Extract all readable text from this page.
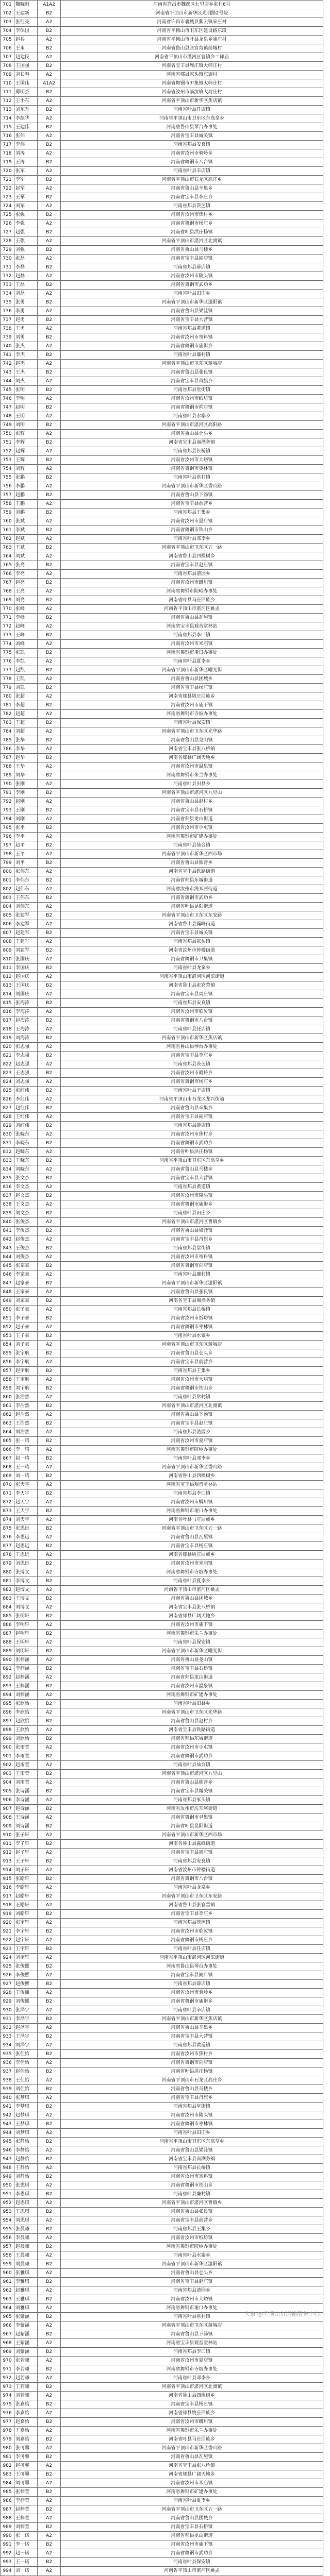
701	魏晓刚	A1A2	河南省许昌市魏都区七里店乡张村6号
702	王建新	B2	河南省平顶山市新华区光明路2号院
703	张红亮	A2	河南省许昌市襄城县紫云镇宋庄村
704	李保国	B2	河南省平顶山市卫东区建设路东段
705	赵兵	A2	河南省平顶山市叶县龙泉乡庙庄村
706	王永	B2	河南省鲁山县张官营镇前城村
707	赵建民	A2	河南省平顶山市湛河区曹镇乡二郎庙
708	王国强	B2	河南省宝丰县周庄镇大韩庄村
709	刘长春	A2	河南省郏县冢头镇东街村
710	王国伟	A1A2	河南省舞钢市尹集镇大韩庄村
711	郑明杰	B2	河南省汝州市临汝镇大周庄村
712	王小东	A2	河南省平顶山市新华区焦店镇
713	刘东升	B2	河南省叶县任店镇
714	李振华	A2	河南省平顶山市卫东区东高皇乡
715	王建伟	B2	河南省鲁山县琴台办事处
716	张伟	A2	河南省宝丰县城关镇
717	李伟	B2	河南省郏县安良镇
718	刘涛	A2	河南省汝州市骑岭乡
719	王涛	B2	河南省舞钢市八台镇
720	张军	A2	河南省叶县辛店镇
721	李军	B2	河南省平顶山市石龙区高庄乡
722	赵军	A2	河南省鲁山县辛集乡
723	王军	B2	河南省宝丰县李庄乡
724	刘军	A2	河南省郏县茨芭镇
725	张强	B2	河南省汝州市焦村乡
726	李强	A2	河南省舞钢市杨庄乡
727	赵强	B2	河南省叶县洪庄杨镇
728	王强	A2	河南省平顶山市湛河区北渡镇
729	刘强	B2	河南省鲁山县马楼乡
730	张磊	A2	河南省宝丰县闹店镇
731	李磊	B2	河南省郏县薛店镇
732	赵磊	A2	河南省汝州市陵头镇
733	王磊	B2	河南省舞钢市武功乡
734	刘磊	A2	河南省叶县田庄乡
735	张勇	B2	河南省平顶山市新华区滍阳镇
736	李勇	A2	河南省鲁山县梁洼镇
737	赵勇	B2	河南省宝丰县大营镇
738	王勇	A2	河南省郏县黄道镇
739	刘勇	B2	河南省汝州市寄料镇
740	张杰	A2	河南省舞钢市庙街乡
741	李杰	B2	河南省叶县廉村镇
742	赵杰	A2	河南省平顶山市卫东区蒲城店
743	王杰	B2	河南省鲁山县张良镇
744	刘杰	A2	河南省宝丰县肖旗乡
745	张明	B2	河南省郏县堂街镇
746	李明	A2	河南省汝州市纸坊镇
747	赵明	B2	河南省舞钢市尚店镇
748	王明	A2	河南省叶县水寨乡
749	刘明	B2	河南省平顶山市湛河区高阳路
750	张辉	A2	河南省鲁山县仓头乡
751	李辉	B2	河南省宝丰县商酒务镇
752	赵辉	A2	河南省郏县长桥镇
753	王辉	B2	河南省汝州市大峪镇
754	刘辉	A2	河南省舞钢市枣林镇
755	张鹏	B2	河南省叶县常村镇
756	李鹏	A2	河南省平顶山市新华区香山路
757	赵鹏	B2	河南省鲁山县下汤镇
758	王鹏	A2	河南省宝丰县前营乡
759	刘鹏	B2	河南省郏县王集乡
760	张斌	A2	河南省汝州市夏店镇
761	李斌	B2	河南省舞钢市铁山乡
762	赵斌	A2	河南省叶县邓李乡
763	王斌	B2	河南省平顶山市卫东区五一路
764	刘斌	A2	河南省鲁山县四棵树乡
765	张亮	B2	河南省宝丰县赵庄镇
766	李亮	A2	河南省郏县渣园乡
767	赵亮	B2	河南省汝州市蟒川镇
768	王亮	A2	河南省舞钢市院岭办事处
769	刘亮	B2	河南省叶县马庄回族乡
770	张峰	A2	河南省平顶山市湛河区姚孟
771	李峰	B2	河南省鲁山县瓦屋镇
772	赵峰	A2	河南省宝丰县观音堂林站
773	王峰	B2	河南省郏县李口镇
774	刘峰	A2	河南省汝州市米庙镇
775	张凯	B2	河南省舞钢市垭口办事处
776	李凯	A2	河南省叶县夏李乡
777	赵凯	B2	河南省平顶山市新华区曙光街
778	王凯	A2	河南省鲁山县团城乡
779	刘凯	B2	河南省宝丰县杨庄镇
780	张超	A2	河南省郏县姚庄回族乡
781	李超	B2	河南省汝州市庙下镇
782	赵超	A2	河南省舞钢市寺坡办事处
783	王超	B2	河南省叶县保安镇
784	刘超	A2	河南省平顶山市卫东区光华路
785	张华	B2	河南省鲁山县尧山镇
786	李华	A2	河南省宝丰县张八桥镇
787	赵华	B2	河南省郏县广阔天地乡
788	王华	A2	河南省汝州市温泉镇
789	刘华	B2	河南省舞钢市朱兰办事处
790	张刚	A2	河南省叶县旧县乡
791	李刚	B2	河南省平顶山市湛河区九里山
792	赵刚	A2	河南省鲁山县赵村乡
793	王刚	B2	河南省宝丰县石桥镇
794	刘刚	A2	河南省郏县龙山街道
795	张平	B2	河南省汝州市小屯镇
796	李平	A2	河南省舞钢市矿建办事处
797	赵平	B2	河南省叶县仙台镇
798	王平	A2	河南省平顶山市新华区西市场
799	刘平	B2	河南省鲁山县熊背乡
800	张伟东	A2	河南省宝丰县铁路街道
801	李伟东	B2	河南省郏县东城街道
802	赵伟东	A2	河南省汝州市洗耳河街道
803	王伟东	B2	河南省舞钢市武功乡
804	刘伟东	A2	河南省叶县昆阳街道
805	张建军	B2	河南省平顶山市卫东区东安路
806	李建军	A2	河南省鲁山县露峰街道
807	赵建军	B2	河南省宝丰县城关镇
808	王建军	A2	河南省郏县冢头镇
809	刘建军	B2	河南省汝州市钟楼街道
810	张国庆	A2	河南省舞钢市尹集镇
811	李国庆	B2	河南省叶县龙泉乡
812	赵国庆	A2	河南省平顶山市湛河区河滨街道
813	王国庆	B2	河南省鲁山县张官营镇
814	刘国庆	A2	河南省宝丰县周庄镇
815	张海涛	B2	河南省郏县安良镇
816	李海涛	A2	河南省汝州市临汝镇
817	赵海涛	B2	河南省舞钢市八台镇
818	王海涛	A2	河南省叶县任店镇
819	刘海涛	B2	河南省平顶山市新华区焦店镇
820	张志强	A2	河南省鲁山县琴台办事处
821	李志强	B2	河南省宝丰县李庄乡
822	赵志强	A2	河南省郏县茨芭镇
823	王志强	B2	河南省汝州市骑岭乡
824	刘志强	A2	河南省舞钢市杨庄乡
825	张红伟	B2	河南省叶县辛店镇
826	李红伟	A2	河南省平顶山市石龙区龙兴街道
827	赵红伟	B2	河南省鲁山县辛集乡
828	王红伟	A2	河南省宝丰县闹店镇
829	刘红伟	B2	河南省郏县薛店镇
830	张晓东	A2	河南省汝州市焦村乡
831	李晓东	B2	河南省舞钢市武功乡
832	赵晓东	A2	河南省叶县洪庄杨镇
833	王晓东	B2	河南省平顶山市卫东区东高皇乡
834	刘晓东	A2	河南省鲁山县马楼乡
835	张文杰	B2	河南省宝丰县大营镇
836	李文杰	A2	河南省郏县黄道镇
837	赵文杰	B2	河南省汝州市陵头镇
838	王文杰	A2	河南省舞钢市庙街乡
839	刘文杰	B2	河南省叶县田庄乡
840	张俊杰	A2	河南省平顶山市湛河区曹镇乡
841	李俊杰	B2	河南省鲁山县梁洼镇
842	赵俊杰	A2	河南省宝丰县肖旗乡
843	王俊杰	B2	河南省郏县堂街镇
844	刘俊杰	A2	河南省汝州市寄料镇
845	张家豪	B2	河南省舞钢市尚店镇
846	李家豪	A2	河南省叶县廉村镇
847	赵家豪	B2	河南省平顶山市新华区滍阳镇
848	王家豪	A2	河南省鲁山县张良镇
849	刘家豪	B2	河南省宝丰县商酒务镇
850	张子豪	A2	河南省郏县长桥镇
851	李子豪	B2	河南省汝州市纸坊镇
852	赵子豪	A2	河南省舞钢市枣林镇
853	王子豪	B2	河南省叶县水寨乡
854	刘子豪	A2	河南省平顶山市卫东区蒲城店
855	张宇航	B2	河南省鲁山县仓头乡
856	李宇航	A2	河南省宝丰县前营乡
857	赵宇航	B2	河南省郏县王集乡
858	王宇航	A2	河南省汝州市大峪镇
859	刘宇航	B2	河南省舞钢市铁山乡
860	张浩然	A2	河南省叶县常村镇
861	李浩然	B2	河南省平顶山市湛河区北渡镇
862	赵浩然	A2	河南省鲁山县下汤镇
863	王浩然	B2	河南省宝丰县赵庄镇
864	刘浩然	A2	河南省郏县渣园乡
865	张一鸣	B2	河南省汝州市夏店镇
866	李一鸣	A2	河南省舞钢市院岭办事处
867	赵一鸣	B2	河南省叶县邓李乡
868	王一鸣	A2	河南省平顶山市新华区香山路
869	刘一鸣	B2	河南省鲁山县四棵树乡
870	张天宇	A2	河南省宝丰县观音堂林站
871	李天宇	B2	河南省郏县李口镇
872	赵天宇	A2	河南省汝州市蟒川镇
873	王天宇	B2	河南省舞钢市垭口办事处
874	刘天宇	A2	河南省叶县马庄回族乡
875	张思远	B2	河南省平顶山市卫东区五一路
876	李思远	A2	河南省鲁山县瓦屋镇
877	赵思远	B2	河南省宝丰县杨庄镇
878	王思远	A2	河南省郏县姚庄回族乡
879	刘思远	B2	河南省汝州市米庙镇
880	张博文	A2	河南省舞钢市寺坡办事处
881	李博文	B2	河南省叶县夏李乡
882	赵博文	A2	河南省平顶山市湛河区姚孟
883	王博文	B2	河南省鲁山县团城乡
884	刘博文	A2	河南省宝丰县张八桥镇
885	张明轩	B2	河南省郏县广阔天地乡
886	李明轩	A2	河南省汝州市庙下镇
887	赵明轩	B2	河南省舞钢市朱兰办事处
888	王明轩	A2	河南省叶县保安镇
889	刘明轩	B2	河南省平顶山市新华区曙光街
890	张梓涵	A2	河南省鲁山县尧山镇
891	李梓涵	B2	河南省宝丰县石桥镇
892	赵梓涵	A2	河南省郏县龙山街道
893	王梓涵	B2	河南省汝州市温泉镇
894	刘梓涵	A2	河南省舞钢市矿建办事处
895	张欣怡	B2	河南省叶县旧县乡
896	李欣怡	A2	河南省平顶山市卫东区光华路
897	赵欣怡	B2	河南省鲁山县赵村乡
898	王欣怡	A2	河南省宝丰县铁路街道
899	刘欣怡	B2	河南省郏县东城街道
900	张雨萱	A2	河南省汝州市小屯镇
901	李雨萱	B2	河南省舞钢市武功乡
902	赵雨萱	A2	河南省叶县仙台镇
903	王雨萱	B2	河南省平顶山市湛河区九里山
904	刘雨萱	A2	河南省鲁山县熊背乡
905	张诗涵	B2	河南省宝丰县城关镇
906	李诗涵	A2	河南省郏县冢头镇
907	赵诗涵	B2	河南省汝州市洗耳河街道
908	王诗涵	A2	河南省舞钢市尹集镇
909	刘诗涵	B2	河南省叶县昆阳街道
910	张子轩	A2	河南省平顶山市新华区西市场
911	李子轩	B2	河南省鲁山县露峰街道
912	赵子轩	A2	河南省宝丰县周庄镇
913	王子轩	B2	河南省郏县安良镇
914	刘子轩	A2	河南省汝州市钟楼街道
915	张皓轩	B2	河南省舞钢市八台镇
916	李皓轩	A2	河南省叶县龙泉乡
917	赵皓轩	B2	河南省平顶山市卫东区东安路
918	王皓轩	A2	河南省鲁山县张官营镇
919	刘皓轩	B2	河南省宝丰县李庄乡
920	张宇轩	A2	河南省郏县茨芭镇
921	李宇轩	B2	河南省汝州市临汝镇
922	赵宇轩	A2	河南省舞钢市杨庄乡
923	王宇轩	B2	河南省叶县任店镇
924	刘宇轩	A2	河南省平顶山市湛河区河滨街道
925	张俊熙	B2	河南省鲁山县琴台办事处
926	李俊熙	A2	河南省宝丰县闹店镇
927	赵俊熙	B2	河南省郏县薛店镇
928	王俊熙	A2	河南省汝州市骑岭乡
929	刘俊熙	B2	河南省舞钢市庙街乡
930	张泽宇	A2	河南省叶县辛店镇
931	李泽宇	B2	河南省平顶山市新华区焦店镇
932	赵泽宇	A2	河南省鲁山县辛集乡
933	王泽宇	B2	河南省宝丰县大营镇
934	刘泽宇	A2	河南省郏县黄道镇
935	张佳怡	B2	河南省汝州市焦村乡
936	李佳怡	A2	河南省舞钢市尚店镇
937	赵佳怡	B2	河南省叶县洪庄杨镇
938	王佳怡	A2	河南省平顶山市石龙区高庄乡
939	刘佳怡	B2	河南省鲁山县马楼乡
940	张梦琪	A2	河南省宝丰县肖旗乡
941	李梦琪	B2	河南省郏县堂街镇
942	赵梦琪	A2	河南省汝州市陵头镇
943	王梦琪	B2	河南省舞钢市枣林镇
944	刘梦琪	A2	河南省叶县田庄乡
945	张静怡	B2	河南省平顶山市卫东区东高皇乡
946	李静怡	A2	河南省鲁山县梁洼镇
947	赵静怡	B2	河南省宝丰县商酒务镇
948	王静怡	A2	河南省郏县长桥镇
949	刘静怡	B2	河南省汝州市寄料镇
950	张思琪	A2	河南省舞钢市铁山乡
951	李思琪	B2	河南省叶县廉村镇
952	赵思琪	A2	河南省平顶山市湛河区曹镇乡
953	王思琪	B2	河南省鲁山县张良镇
954	刘思琪	A2	河南省宝丰县前营乡
955	张晨曦	B2	河南省郏县王集乡
956	李晨曦	A2	河南省汝州市纸坊镇
957	赵晨曦	B2	河南省舞钢市院岭办事处
958	王晨曦	A2	河南省叶县水寨乡
959	刘晨曦	B2	河南省平顶山市新华区滍阳镇
960	张雅琪	A2	河南省鲁山县仓头乡
961	李雅琪	B2	河南省宝丰县赵庄镇
962	赵雅琪	A2	河南省郏县渣园乡
963	王雅琪	B2	河南省汝州市大峪镇
964	刘雅琪	A2	河南省舞钢市垭口办事处
965	张紫涵	B2	河南省叶县常村镇
966	李紫涵	A2	河南省平顶山市卫东区蒲城店
967	赵紫涵	B2	河南省鲁山县下汤镇
968	王紫涵	A2	河南省宝丰县观音堂林站
969	刘紫涵	B2	河南省郏县李口镇
970	张若曦	A2	河南省汝州市夏店镇
971	李若曦	B2	河南省舞钢市寺坡办事处
972	赵若曦	A2	河南省叶县邓李乡
973	王若曦	B2	河南省平顶山市湛河区北渡镇
974	刘若曦	A2	河南省鲁山县四棵树乡
975	张嘉怡	B2	河南省宝丰县杨庄镇
976	李嘉怡	A2	河南省郏县姚庄回族乡
977	赵嘉怡	B2	河南省汝州市蟒川镇
978	王嘉怡	A2	河南省舞钢市朱兰办事处
979	刘嘉怡	B2	河南省叶县马庄回族乡
980	张可馨	A2	河南省平顶山市新华区香山路
981	李可馨	B2	河南省鲁山县瓦屋镇
982	赵可馨	A2	河南省宝丰县张八桥镇
983	王可馨	B2	河南省郏县广阔天地乡
984	刘可馨	A2	河南省汝州市米庙镇
985	张梓萱	B2	河南省舞钢市矿建办事处
986	李梓萱	A2	河南省叶县夏李乡
987	赵梓萱	B2	河南省平顶山市卫东区五一路
988	王梓萱	A2	河南省鲁山县团城乡
989	刘梓萱	B2	河南省宝丰县石桥镇
990	张一诺	A2	河南省郏县龙山街道
991	李一诺	B2	河南省汝州市庙下镇
992	赵一诺	A2	河南省舞钢市武功乡
993	王一诺	B2	河南省叶县保安镇
994	刘一诺	A2	河南省平顶山市湛河区姚孟

头条 @平顶山市运输服务中心
